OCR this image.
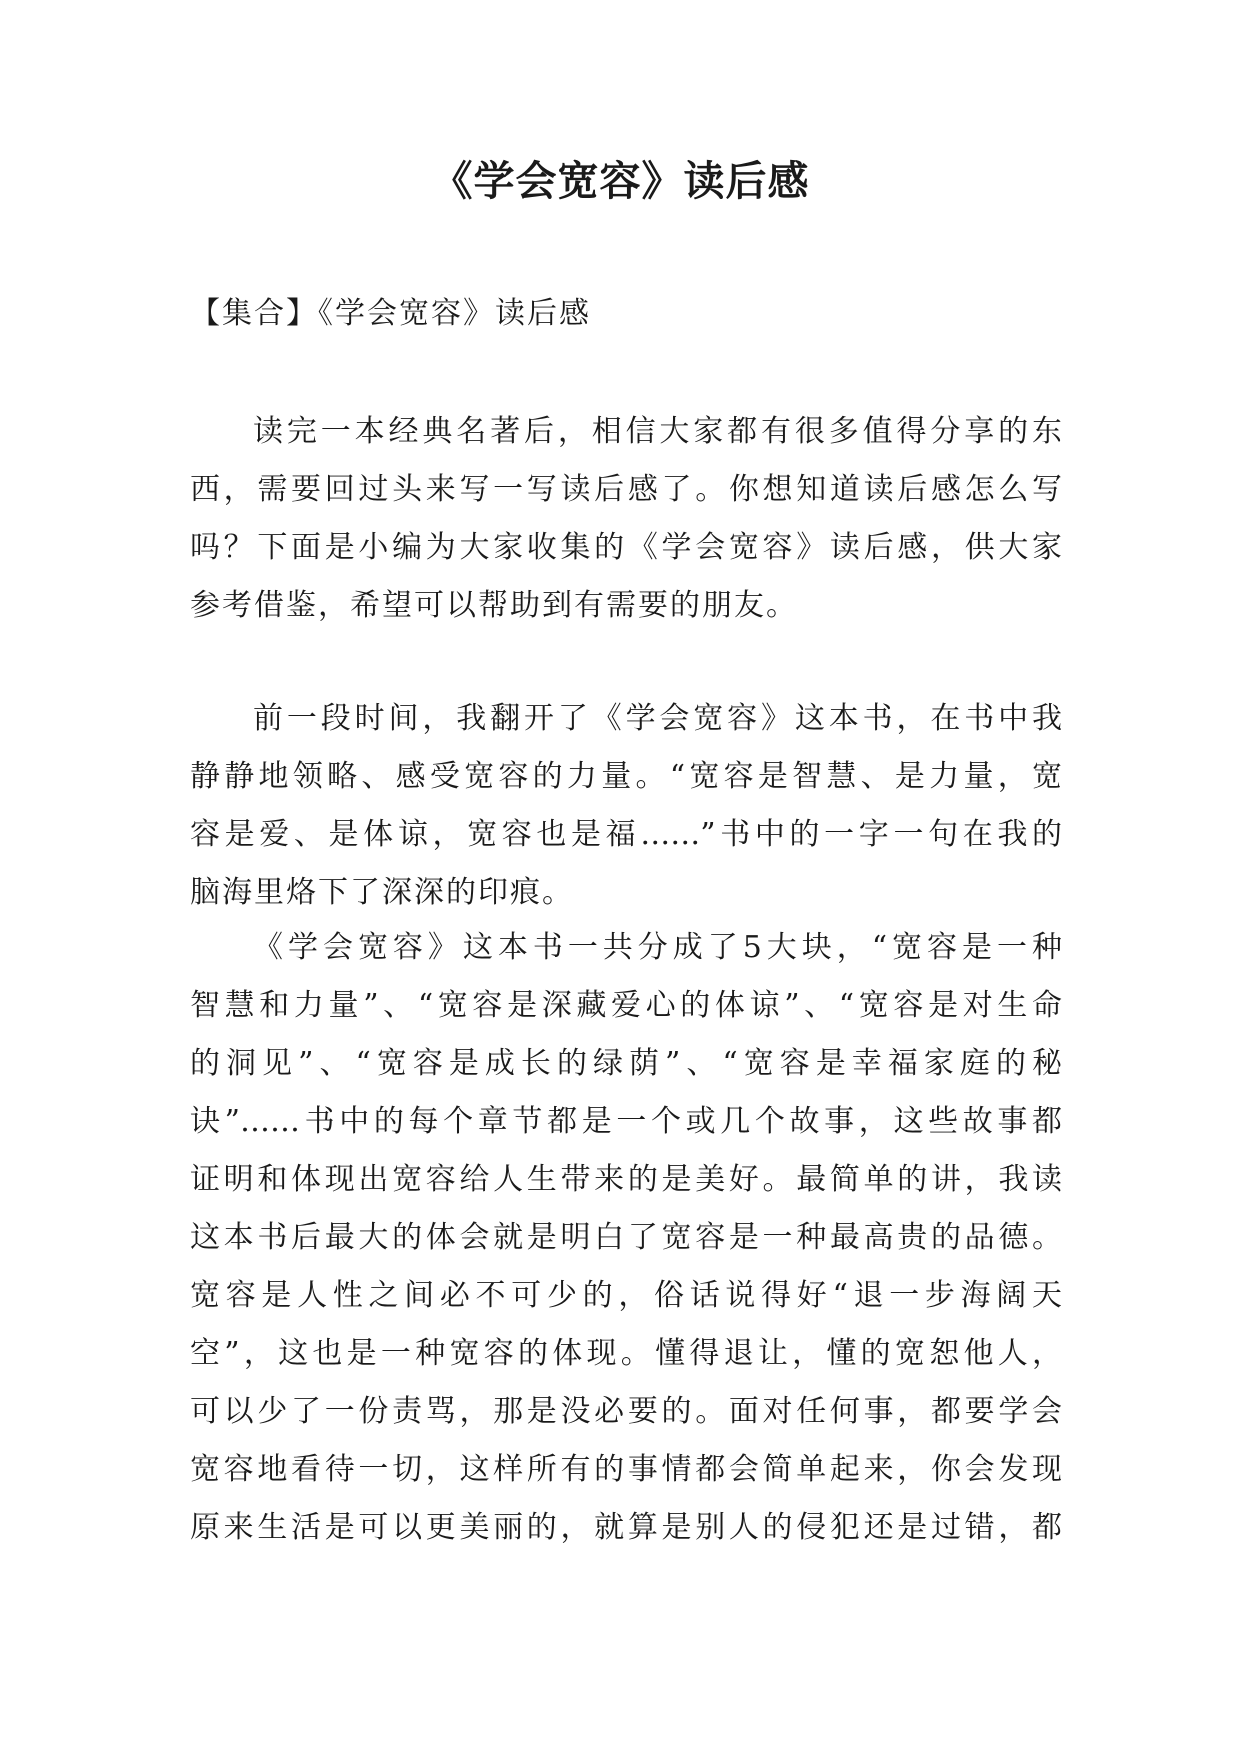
《学会宽容》读后感
【集合】《学会宽容》读后感
读完一本经典名著后，相信大家都有很多值得分享的东
西，需要回过头来写一写读后感了。你想知道读后感怎么写
吗？下面是小编为大家收集的《学会宽容》读后感，供大家
参考借鉴，希望可以帮助到有需要的朋友。
前一段时间，我翻开了《学会宽容》这本书，在书中我
静静地领略、感受宽容的力量。“宽容是智慧、是力量，宽
容是爱、是体谅，宽容也是福……”书中的一字一句在我的
脑海里烙下了深深的印痕。
《学会宽容》这本书一共分成了5大块，“宽容是一种
智慧和力量”、“宽容是深藏爱心的体谅”、“宽容是对生命
的洞见”、“宽容是成长的绿荫”、“宽容是幸福家庭的秘
诀”……书中的每个章节都是一个或几个故事，这些故事都
证明和体现出宽容给人生带来的是美好。最简单的讲，我读
这本书后最大的体会就是明白了宽容是一种最高贵的品德。
宽容是人性之间必不可少的，俗话说得好“退一步海阔天
空”，这也是一种宽容的体现。懂得退让，懂的宽恕他人，
可以少了一份责骂，那是没必要的。面对任何事，都要学会
宽容地看待一切，这样所有的事情都会简单起来，你会发现
原来生活是可以更美丽的，就算是别人的侵犯还是过错，都
